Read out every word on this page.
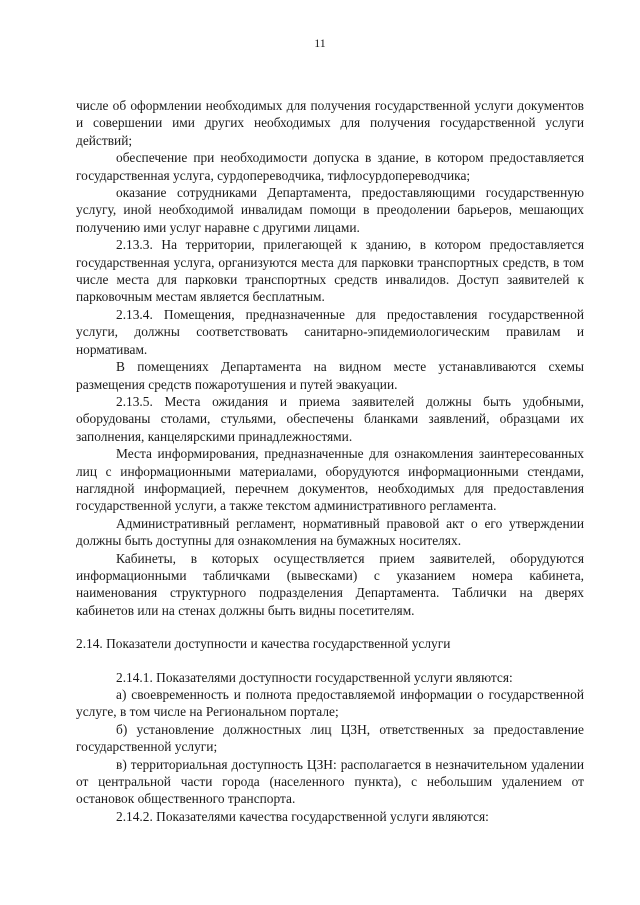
11

числе об оформлении необходимых для получения государственной услуги документов и совершении ими других необходимых для получения государственной услуги действий;

обеспечение при необходимости допуска в здание, в котором предоставляется государственная услуга, сурдопереводчика, тифлосурдопереводчика;

оказание сотрудниками Департамента, предоставляющими государственную услугу, иной необходимой инвалидам помощи в преодолении барьеров, мешающих получению ими услуг наравне с другими лицами.

2.13.3. На территории, прилегающей к зданию, в котором предоставляется государственная услуга, организуются места для парковки транспортных средств, в том числе места для парковки транспортных средств инвалидов. Доступ заявителей к парковочным местам является бесплатным.

2.13.4. Помещения, предназначенные для предоставления государственной услуги, должны соответствовать санитарно-эпидемиологическим правилам и нормативам.

В помещениях Департамента на видном месте устанавливаются схемы размещения средств пожаротушения и путей эвакуации.

2.13.5. Места ожидания и приема заявителей должны быть удобными, оборудованы столами, стульями, обеспечены бланками заявлений, образцами их заполнения, канцелярскими принадлежностями.

Места информирования, предназначенные для ознакомления заинтересованных лиц с информационными материалами, оборудуются информационными стендами, наглядной информацией, перечнем документов, необходимых для предоставления государственной услуги, а также текстом административного регламента.

Административный регламент, нормативный правовой акт о его утверждении должны быть доступны для ознакомления на бумажных носителях.

Кабинеты, в которых осуществляется прием заявителей, оборудуются информационными табличками (вывесками) с указанием номера кабинета, наименования структурного подразделения Департамента. Таблички на дверях кабинетов или на стенах должны быть видны посетителям.

2.14. Показатели доступности и качества государственной услуги

2.14.1. Показателями доступности государственной услуги являются:

а) своевременность и полнота предоставляемой информации о государственной услуге, в том числе на Региональном портале;

б) установление должностных лиц ЦЗН, ответственных за предоставление государственной услуги;

в) территориальная доступность ЦЗН: располагается в незначительном удалении от центральной части города (населенного пункта), с небольшим удалением от остановок общественного транспорта.

2.14.2. Показателями качества государственной услуги являются:
